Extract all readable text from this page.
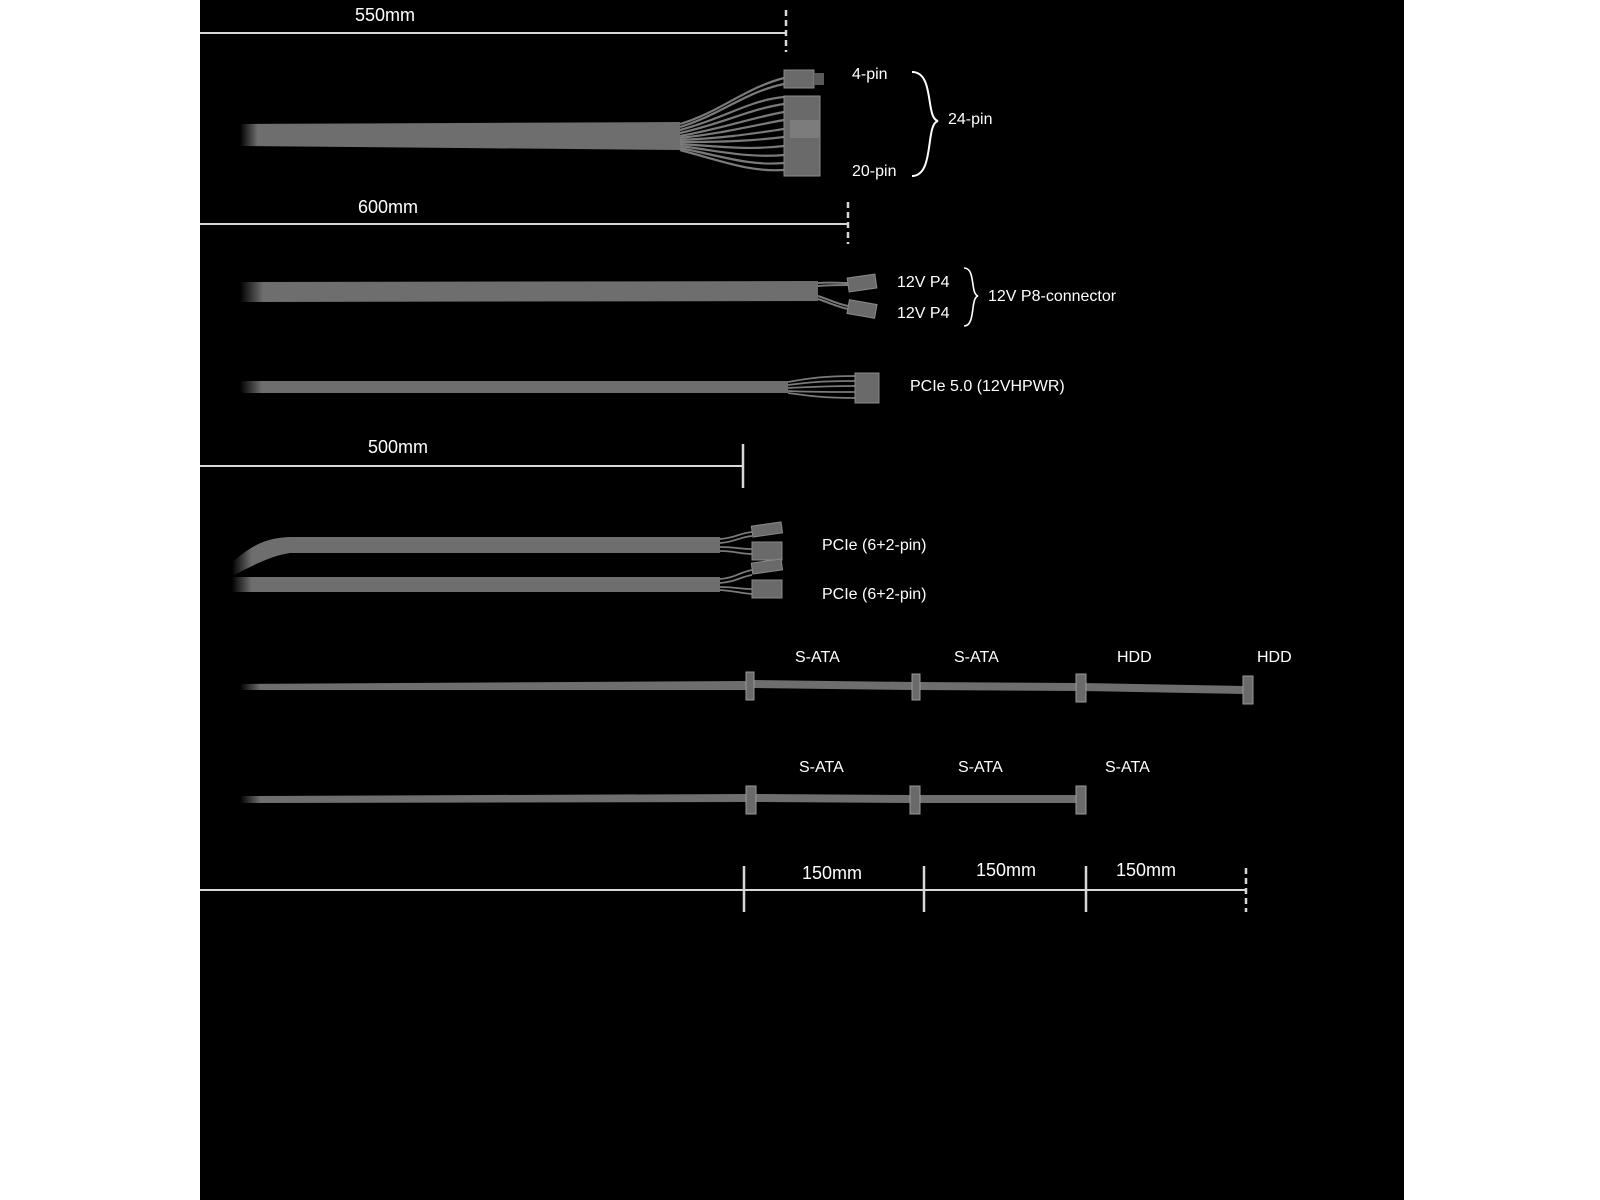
550mm
4-pin
20-pin
24-pin
600mm
12V P4
12V P4
12V P8-connector
PCIe 5.0 (12VHPWR)
500mm
PCIe (6+2-pin)
PCIe (6+2-pin)
S-ATA	S-ATA	HDD	HDD
S-ATA	S-ATA	S-ATA
150mm	150mm	150mm
